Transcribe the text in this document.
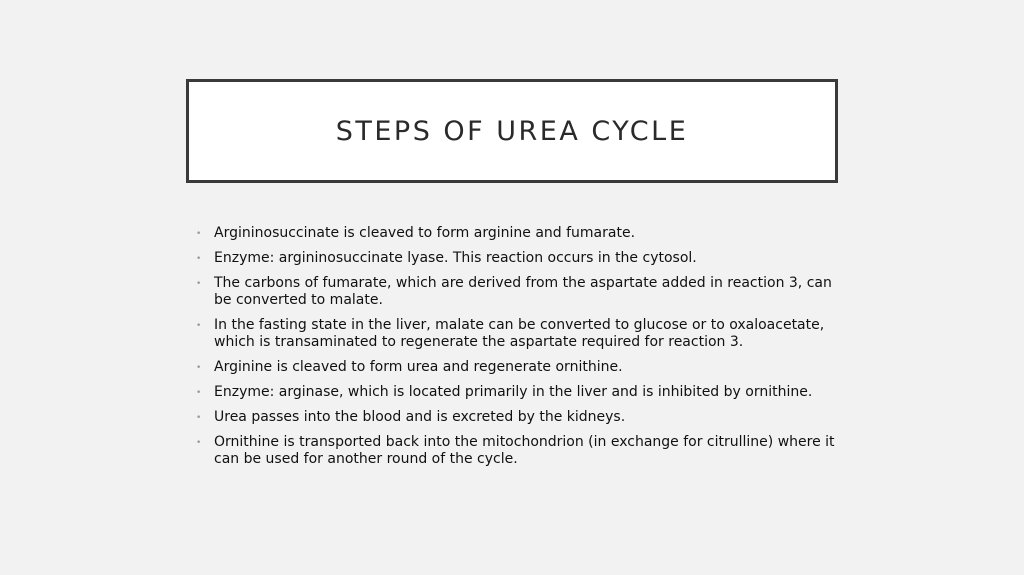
STEPS OF UREA CYCLE
• Argininosuccinate is cleaved to form arginine and fumarate.
• Enzyme: argininosuccinate lyase. This reaction occurs in the cytosol.
• The carbons of fumarate, which are derived from the aspartate added in reaction 3, can be converted to malate.
• In the fasting state in the liver, malate can be converted to glucose or to oxaloacetate, which is transaminated to regenerate the aspartate required for reaction 3.
• Arginine is cleaved to form urea and regenerate ornithine.
• Enzyme: arginase, which is located primarily in the liver and is inhibited by ornithine.
• Urea passes into the blood and is excreted by the kidneys.
• Ornithine is transported back into the mitochondrion (in exchange for citrulline) where it can be used for another round of the cycle.
